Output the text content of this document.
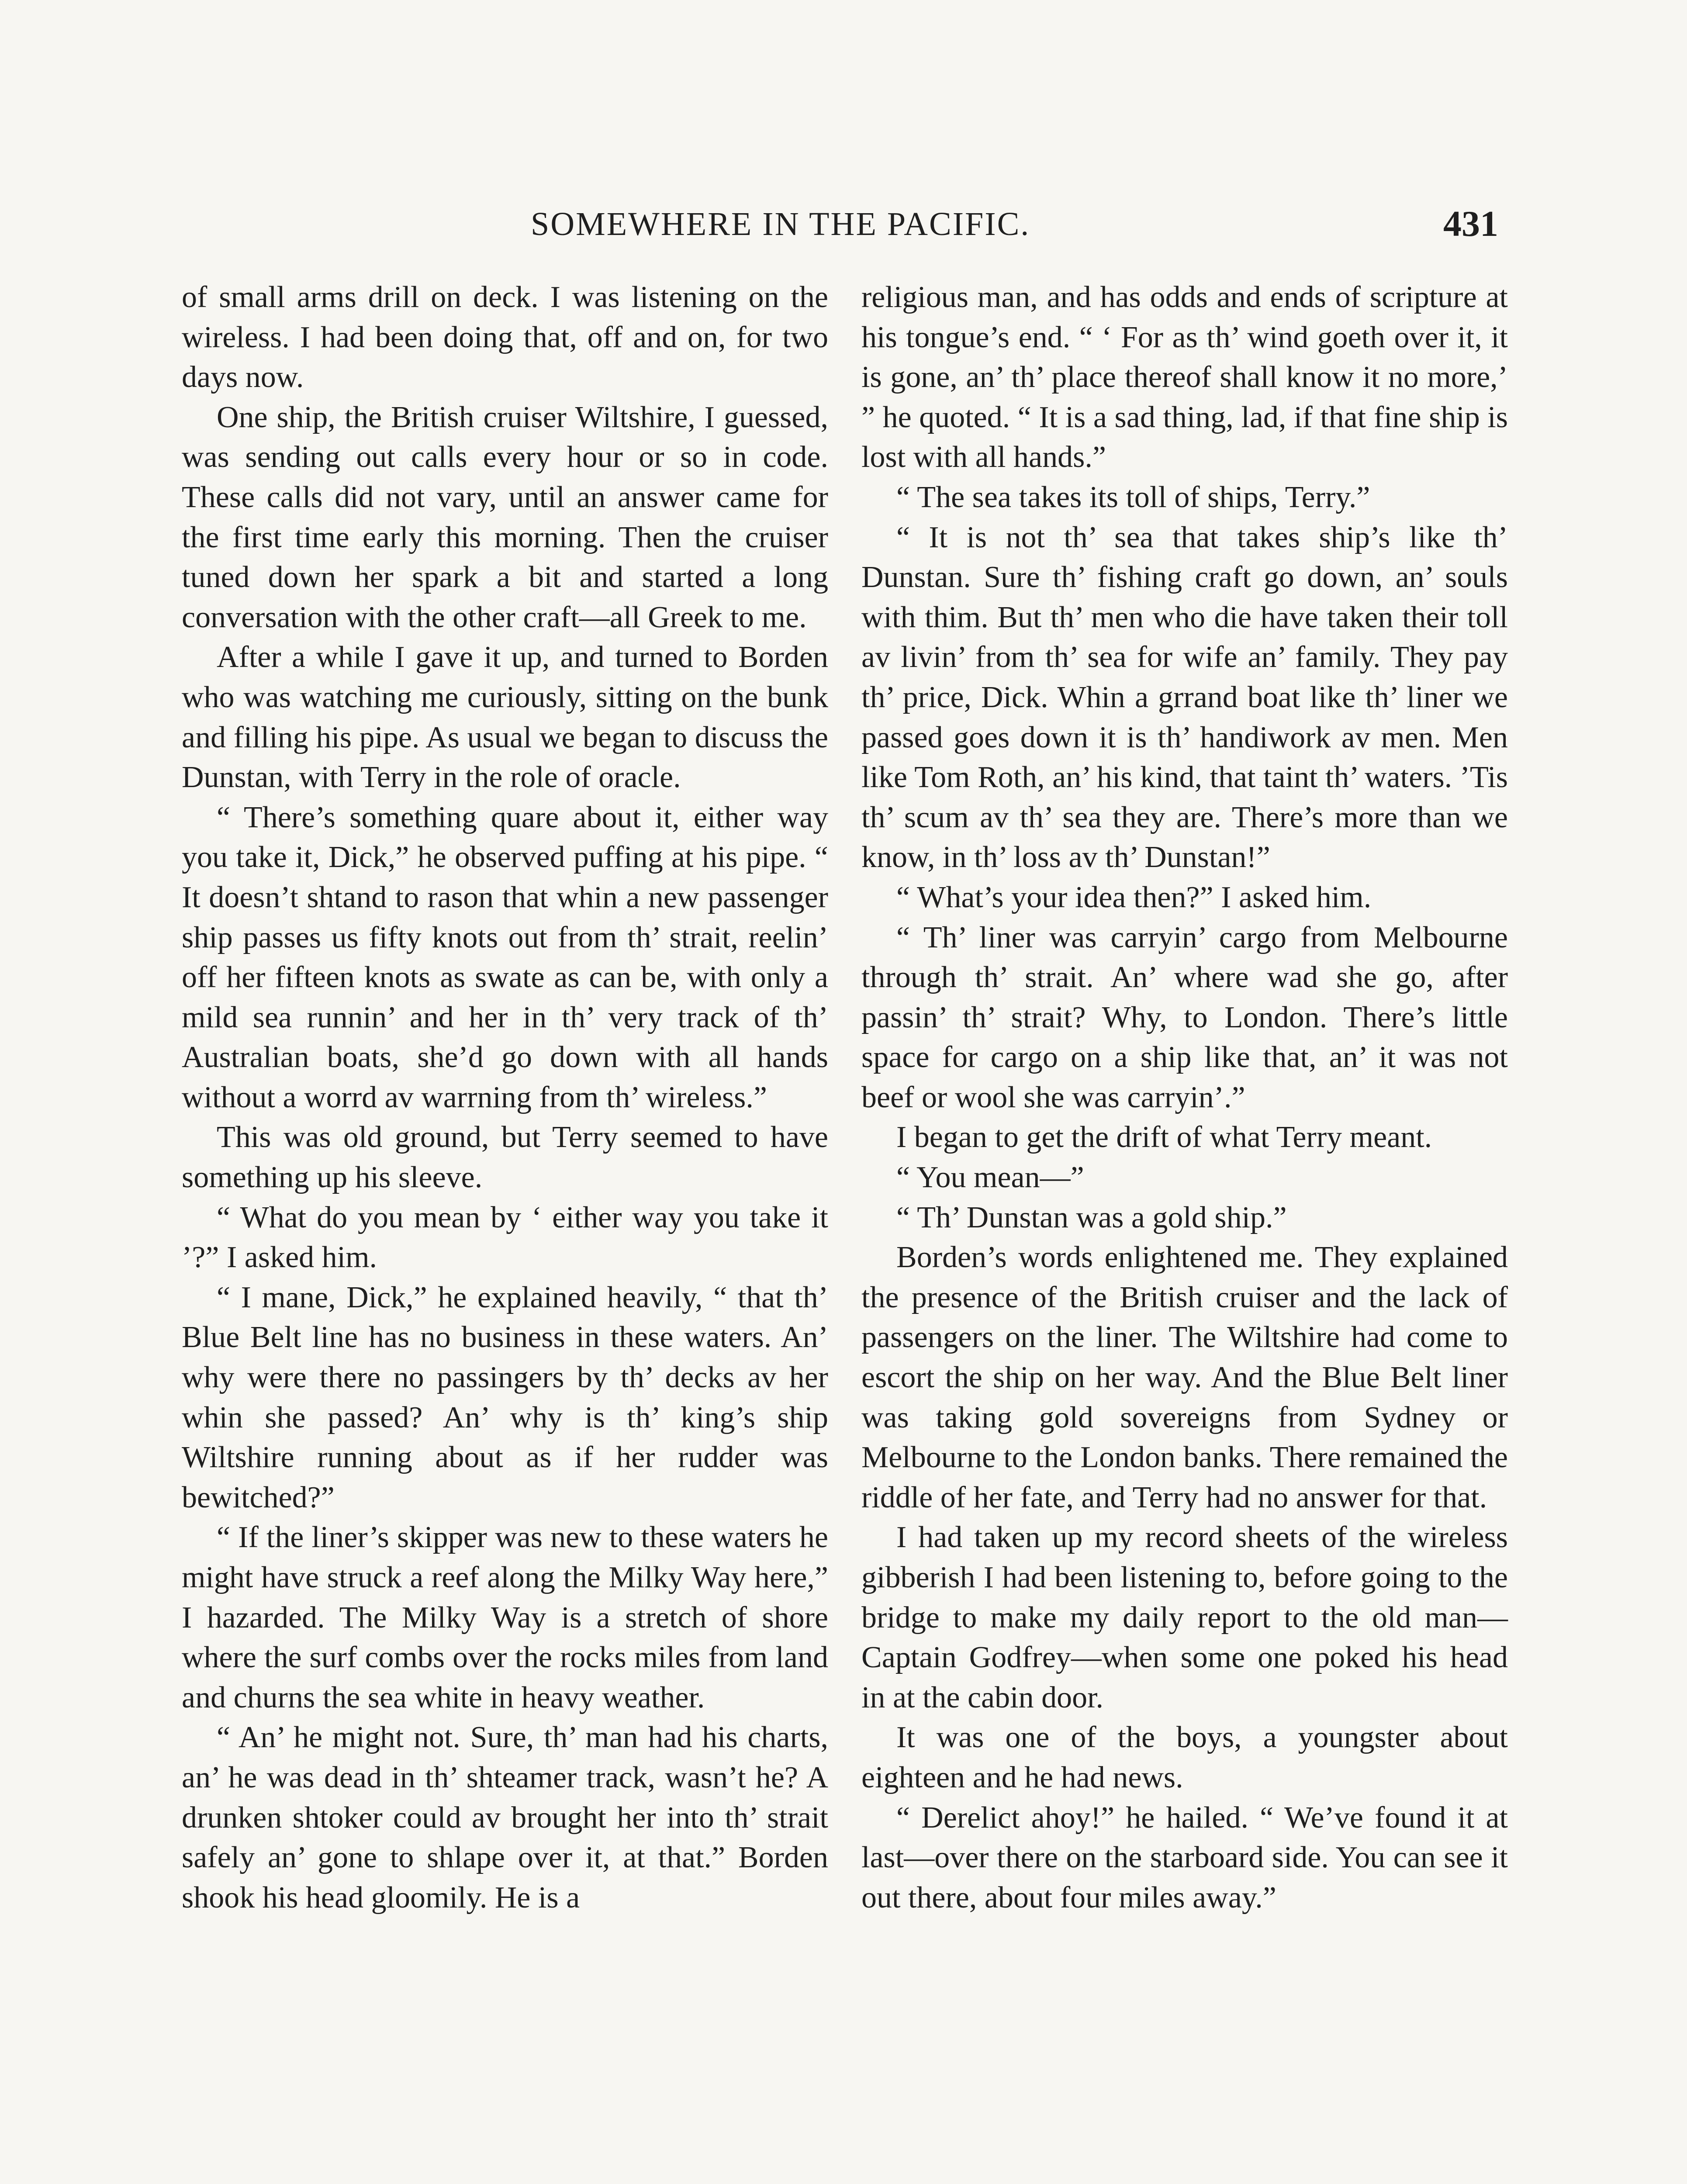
SOMEWHERE IN THE PACIFIC.	431

of small arms drill on deck. I was listening on the wireless. I had been doing that, off and on, for two days now.

One ship, the British cruiser Wiltshire, I guessed, was sending out calls every hour or so in code. These calls did not vary, until an answer came for the first time early this morning. Then the cruiser tuned down her spark a bit and started a long conversation with the other craft—all Greek to me.

After a while I gave it up, and turned to Borden who was watching me curiously, sitting on the bunk and filling his pipe. As usual we began to discuss the Dunstan, with Terry in the role of oracle.

“ There’s something quare about it, either way you take it, Dick,” he observed puffing at his pipe. “ It doesn’t shtand to rason that whin a new passenger ship passes us fifty knots out from th’ strait, reelin’ off her fifteen knots as swate as can be, with only a mild sea runnin’ and her in th’ very track of th’ Australian boats, she’d go down with all hands without a worrd av warrning from th’ wireless.”

This was old ground, but Terry seemed to have something up his sleeve.

“ What do you mean by ‘ either way you take it ’?” I asked him.

“ I mane, Dick,” he explained heavily, “ that th’ Blue Belt line has no business in these waters. An’ why were there no passingers by th’ decks av her whin she passed? An’ why is th’ king’s ship Wiltshire running about as if her rudder was bewitched?”

“ If the liner’s skipper was new to these waters he might have struck a reef along the Milky Way here,” I hazarded. The Milky Way is a stretch of shore where the surf combs over the rocks miles from land and churns the sea white in heavy weather.

“ An’ he might not. Sure, th’ man had his charts, an’ he was dead in th’ shteamer track, wasn’t he? A drunken shtoker could av brought her into th’ strait safely an’ gone to shlape over it, at that.” Borden shook his head gloomily. He is a

religious man, and has odds and ends of scripture at his tongue’s end. “ ‘ For as th’ wind goeth over it, it is gone, an’ th’ place thereof shall know it no more,’ ” he quoted. “ It is a sad thing, lad, if that fine ship is lost with all hands.”

“ The sea takes its toll of ships, Terry.”

“ It is not th’ sea that takes ship’s like th’ Dunstan. Sure th’ fishing craft go down, an’ souls with thim. But th’ men who die have taken their toll av livin’ from th’ sea for wife an’ family. They pay th’ price, Dick. Whin a grrand boat like th’ liner we passed goes down it is th’ handiwork av men. Men like Tom Roth, an’ his kind, that taint th’ waters. ’Tis th’ scum av th’ sea they are. There’s more than we know, in th’ loss av th’ Dunstan!”

“ What’s your idea then?” I asked him.

“ Th’ liner was carryin’ cargo from Melbourne through th’ strait. An’ where wad she go, after passin’ th’ strait? Why, to London. There’s little space for cargo on a ship like that, an’ it was not beef or wool she was carryin’.”

I began to get the drift of what Terry meant.

“ You mean—”

“ Th’ Dunstan was a gold ship.”

Borden’s words enlightened me. They explained the presence of the British cruiser and the lack of passengers on the liner. The Wiltshire had come to escort the ship on her way. And the Blue Belt liner was taking gold sovereigns from Sydney or Melbourne to the London banks. There remained the riddle of her fate, and Terry had no answer for that.

I had taken up my record sheets of the wireless gibberish I had been listening to, before going to the bridge to make my daily report to the old man—Captain Godfrey—when some one poked his head in at the cabin door.

It was one of the boys, a youngster about eighteen and he had news.

“ Derelict ahoy!” he hailed. “ We’ve found it at last—over there on the starboard side. You can see it out there, about four miles away.”
